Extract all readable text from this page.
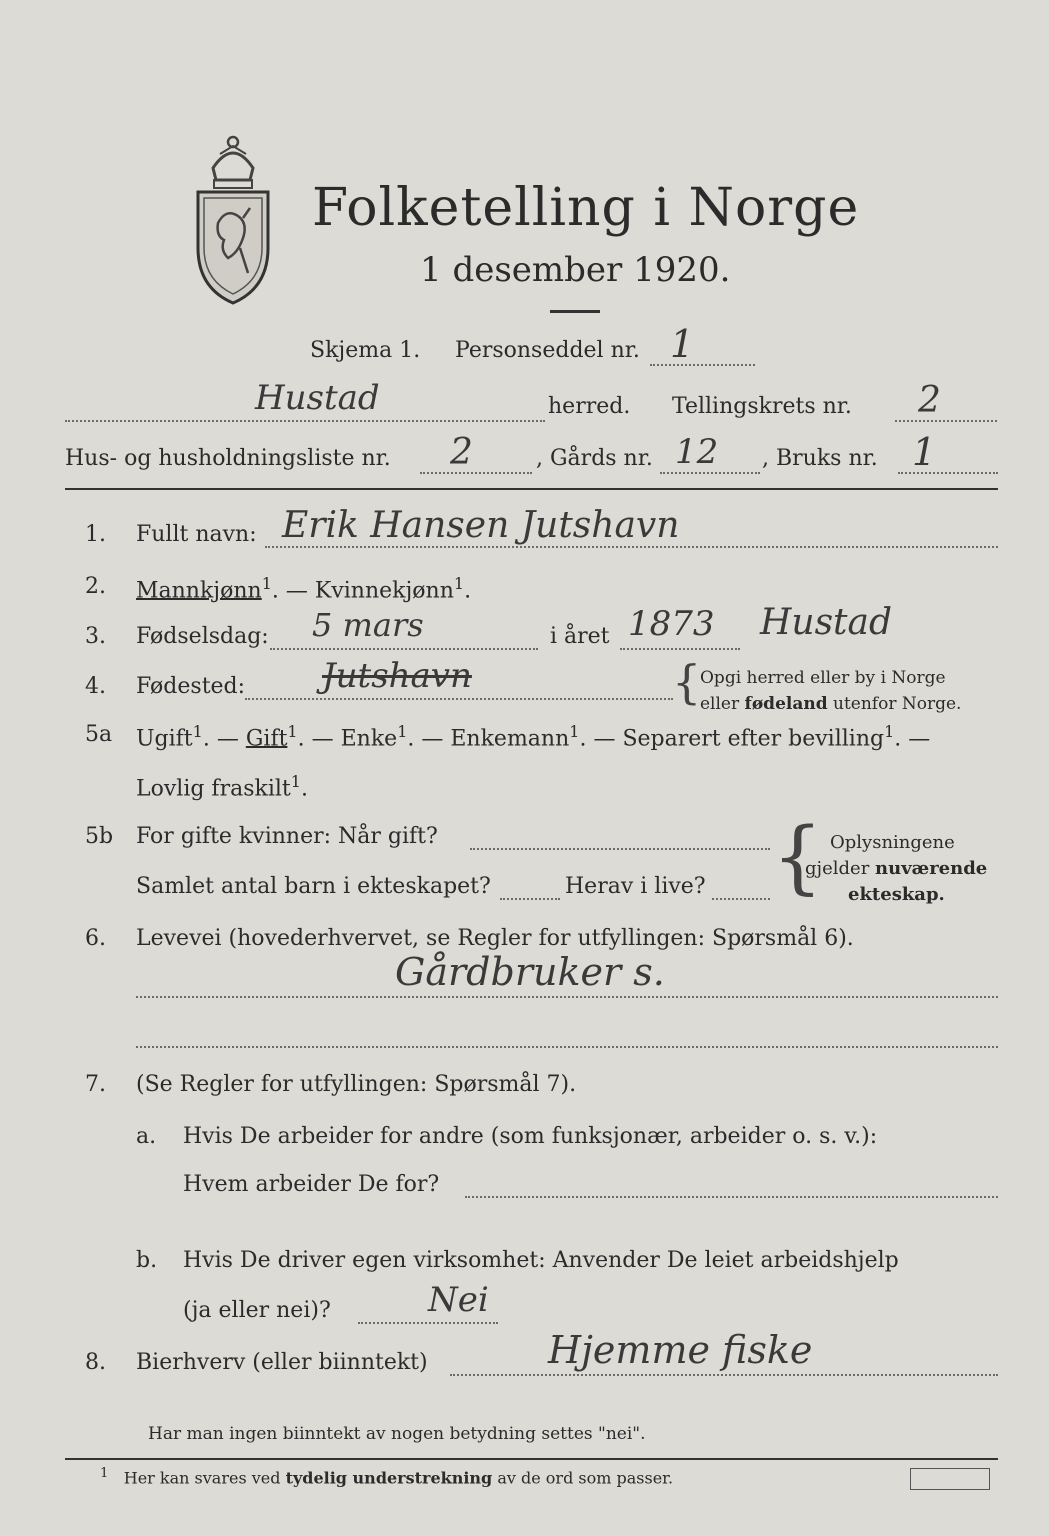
Folketelling i Norge
1 desember 1920.
Skjema 1. Personseddel nr. 1
Hustad	herred. Tellingskrets nr. 2
Hus- og husholdningsliste nr. 2	, Gårds nr. 12 , Bruks nr. 1
1. Fullt navn: Erik Hansen Jutshavn
2. Mannkjønn$^1$. — Kvinnekjønn$^1$.
3. Fødselsdag: 5 mars	i året 1873 Hustad
4. Fødested: Jutshavn	{
Opgi herred eller by i Norge
eller fødeland utenfor Norge.
5a Ugift$^1$. — Gift$^1$. — Enke$^1$. — Enkemann$^1$. — Separert efter bevilling$^1$. —
Lovlig fraskilt$^1$.
5b For gifte kvinner: Når gift?
Samlet antal barn i ekteskapet?	Herav i live? { Oplysningene
gjelder nuværende
ekteskap.
6. Levevei (hovederhvervet, se Regler for utfyllingen: Spørsmål 6).
Gårdbruker s.
7. (Se Regler for utfyllingen: Spørsmål 7).
a. Hvis De arbeider for andre (som funksjonær, arbeider o. s. v.):
Hvem arbeider De for?
b. Hvis De driver egen virksomhet: Anvender De leiet arbeidshjelp
(ja eller nei)?	Nei
8. Bierhverv (eller biinntekt)	Hjemme fiske
Har man ingen biinntekt av nogen betydning settes "nei".
$^1$ Her kan svares ved tydelig understrekning av de ord som passer.
